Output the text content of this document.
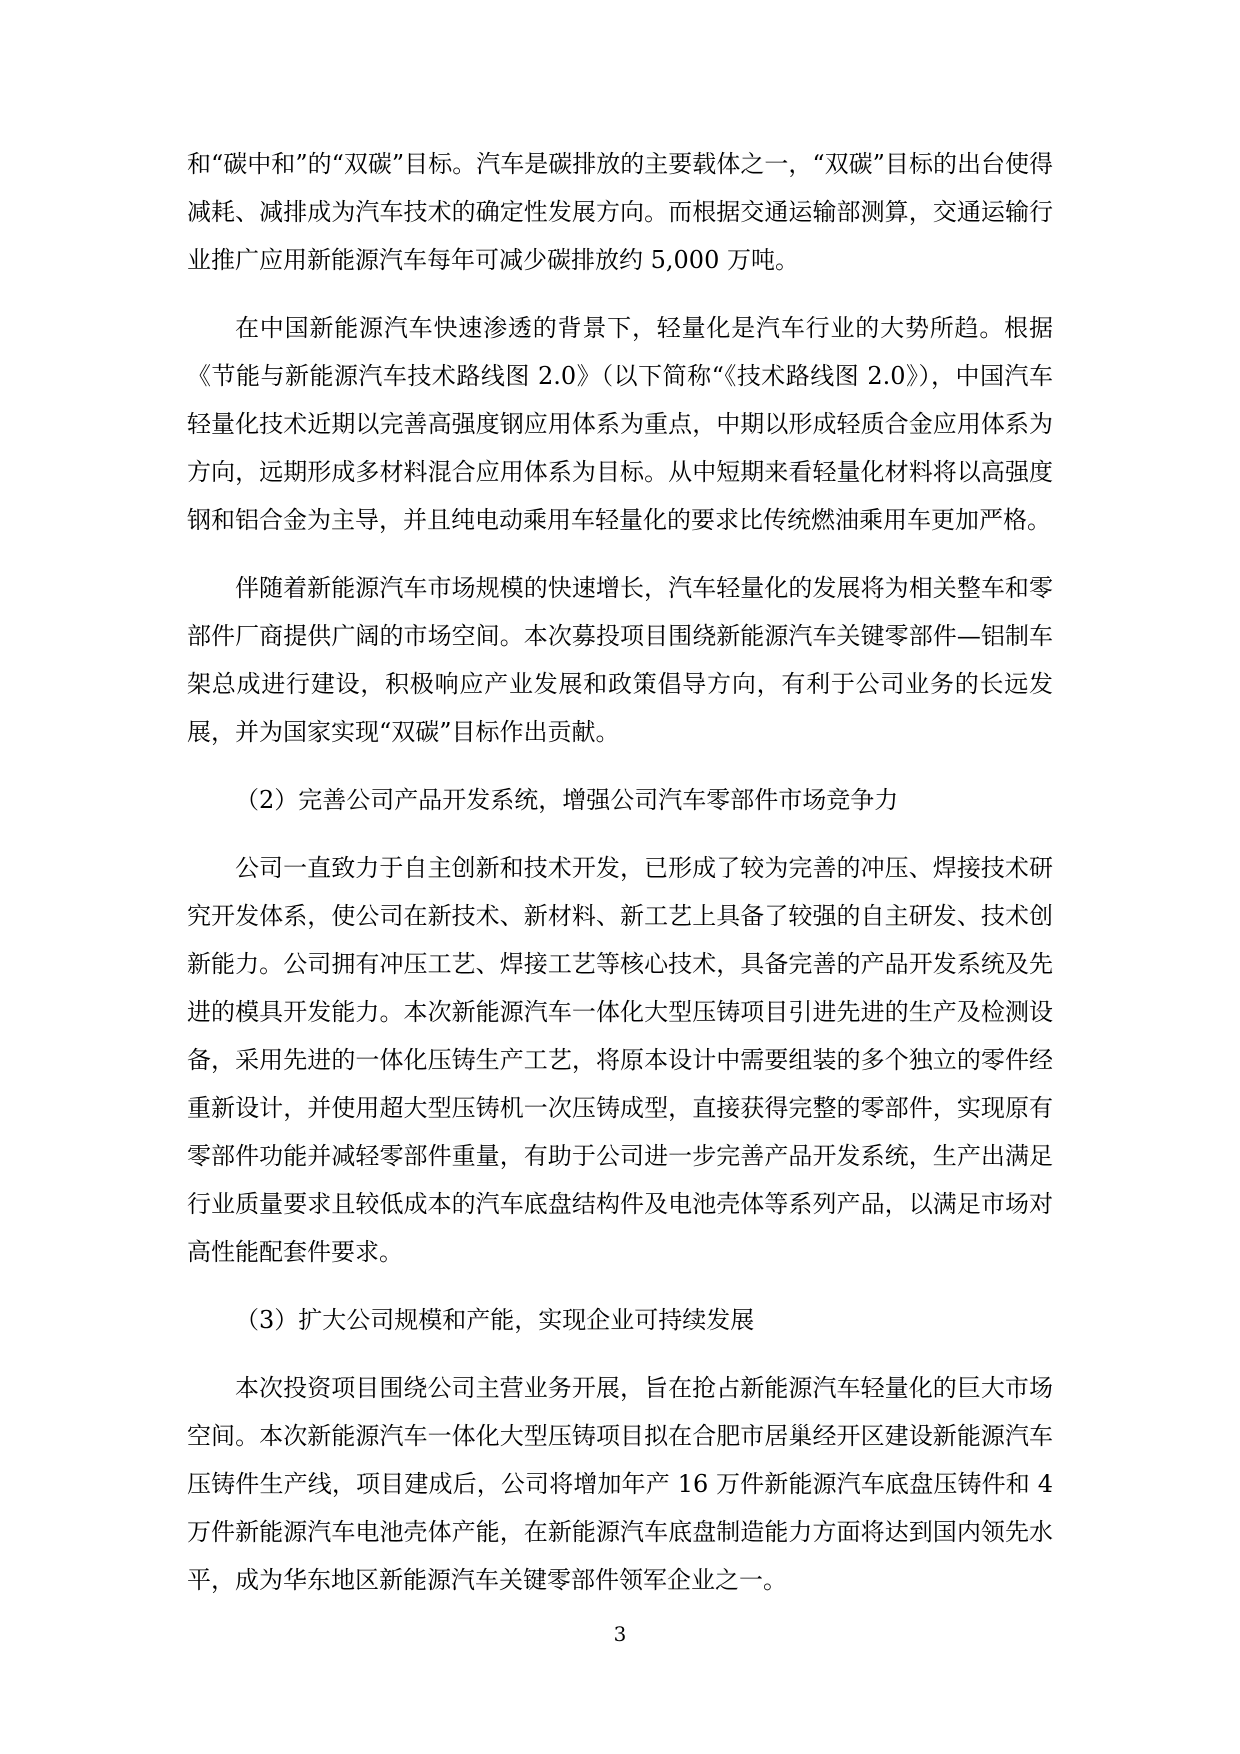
和“碳中和”的“双碳”目标。汽车是碳排放的主要载体之一，“双碳”目标的出台使得减耗、减排成为汽车技术的确定性发展方向。而根据交通运输部测算，交通运输行业推广应用新能源汽车每年可减少碳排放约 5,000 万吨。

在中国新能源汽车快速渗透的背景下，轻量化是汽车行业的大势所趋。根据《节能与新能源汽车技术路线图 2.0》（以下简称“《技术路线图 2.0》），中国汽车轻量化技术近期以完善高强度钢应用体系为重点，中期以形成轻质合金应用体系为方向，远期形成多材料混合应用体系为目标。从中短期来看轻量化材料将以高强度钢和铝合金为主导，并且纯电动乘用车轻量化的要求比传统燃油乘用车更加严格。

伴随着新能源汽车市场规模的快速增长，汽车轻量化的发展将为相关整车和零部件厂商提供广阔的市场空间。本次募投项目围绕新能源汽车关键零部件—铝制车架总成进行建设，积极响应产业发展和政策倡导方向，有利于公司业务的长远发展，并为国家实现“双碳”目标作出贡献。

（2）完善公司产品开发系统，增强公司汽车零部件市场竞争力

公司一直致力于自主创新和技术开发，已形成了较为完善的冲压、焊接技术研究开发体系，使公司在新技术、新材料、新工艺上具备了较强的自主研发、技术创新能力。公司拥有冲压工艺、焊接工艺等核心技术，具备完善的产品开发系统及先进的模具开发能力。本次新能源汽车一体化大型压铸项目引进先进的生产及检测设备，采用先进的一体化压铸生产工艺，将原本设计中需要组装的多个独立的零件经重新设计，并使用超大型压铸机一次压铸成型，直接获得完整的零部件，实现原有零部件功能并减轻零部件重量，有助于公司进一步完善产品开发系统，生产出满足行业质量要求且较低成本的汽车底盘结构件及电池壳体等系列产品，以满足市场对高性能配套件要求。

（3）扩大公司规模和产能，实现企业可持续发展

本次投资项目围绕公司主营业务开展，旨在抢占新能源汽车轻量化的巨大市场空间。本次新能源汽车一体化大型压铸项目拟在合肥市居巢经开区建设新能源汽车压铸件生产线，项目建成后，公司将增加年产 16 万件新能源汽车底盘压铸件和 4 万件新能源汽车电池壳体产能，在新能源汽车底盘制造能力方面将达到国内领先水平，成为华东地区新能源汽车关键零部件领军企业之一。

3
